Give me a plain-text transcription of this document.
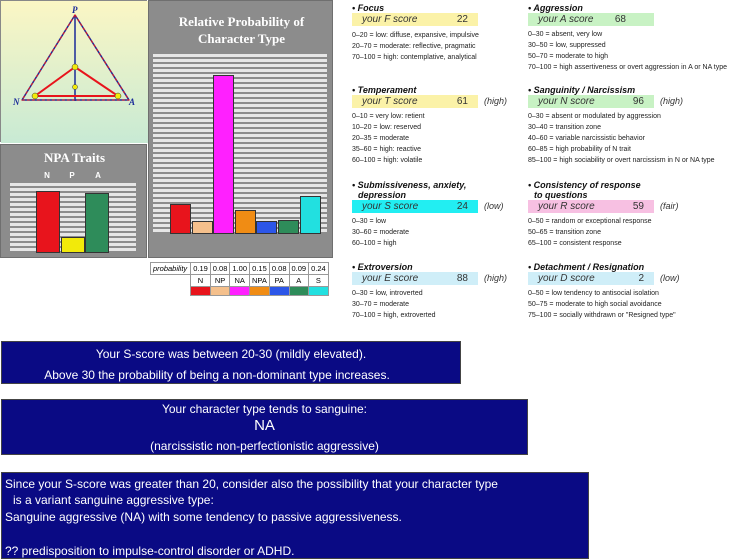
P
N	A
NPA Traits
N	P	A
Relative Probability of Character Type
probability	0.19	0.08	1.00	0.15	0.08	0.09	0.24
	N	NP	NA	NPA	PA	A	S

• Focus
your F score	22
0–20 = low: diffuse, expansive, impulsive
20–70 = moderate: reflective, pragmatic
70–100 = high: contemplative, analytical
• Temperament
your T score	61 (high)
0–10 = very low: retient
10–20 = low: reserved
20–35 = moderate
35–60 = high: reactive
60–100 = high: volatile
• Submissiveness, anxiety,
depression
your S score	24 (low)
0–30 = low
30–60 = moderate
60–100 = high
• Extroversion
your E score	88 (high)
0–30 = low, introverted
30–70 = moderate
70–100 = high, extroverted
• Aggression
your A score 68
0–30 = absent, very low
30–50 = low, suppressed
50–70 = moderate to high
70–100 = high assertiveness or overt aggression in A or NA type
• Sanguinity / Narcissism
your N score	96 (high)
0–30 = absent or modulated by aggression
30–40 = transition zone
40–60 = variable narcissistic behavior
60–85 = high probability of N trait
85–100 = high sociability or overt narcissism in N or NA type
• Consistency of response
to questions
your R score	59 (fair)
0–50 = random or exceptional response
50–65 = transition zone
65–100 = consistent response
• Detachment / Resignation
your D score	2 (low)
0–50 = low tendency to antisocial isolation
50–75 = moderate to high social avoidance
75–100 = socially withdrawn or "Resigned type"
Your S-score was between 20-30 (mildly elevated).
Above 30 the probability of being a non-dominant type increases.
Your character type tends to sanguine:
NA
(narcissistic non-perfectionistic aggressive)
Since your S-score was greater than 20, consider also the possibility that your character type
is a variant sanguine aggressive type:
Sanguine aggressive (NA) with some tendency to passive aggressiveness.
?? predisposition to impulse-control disorder or ADHD.
